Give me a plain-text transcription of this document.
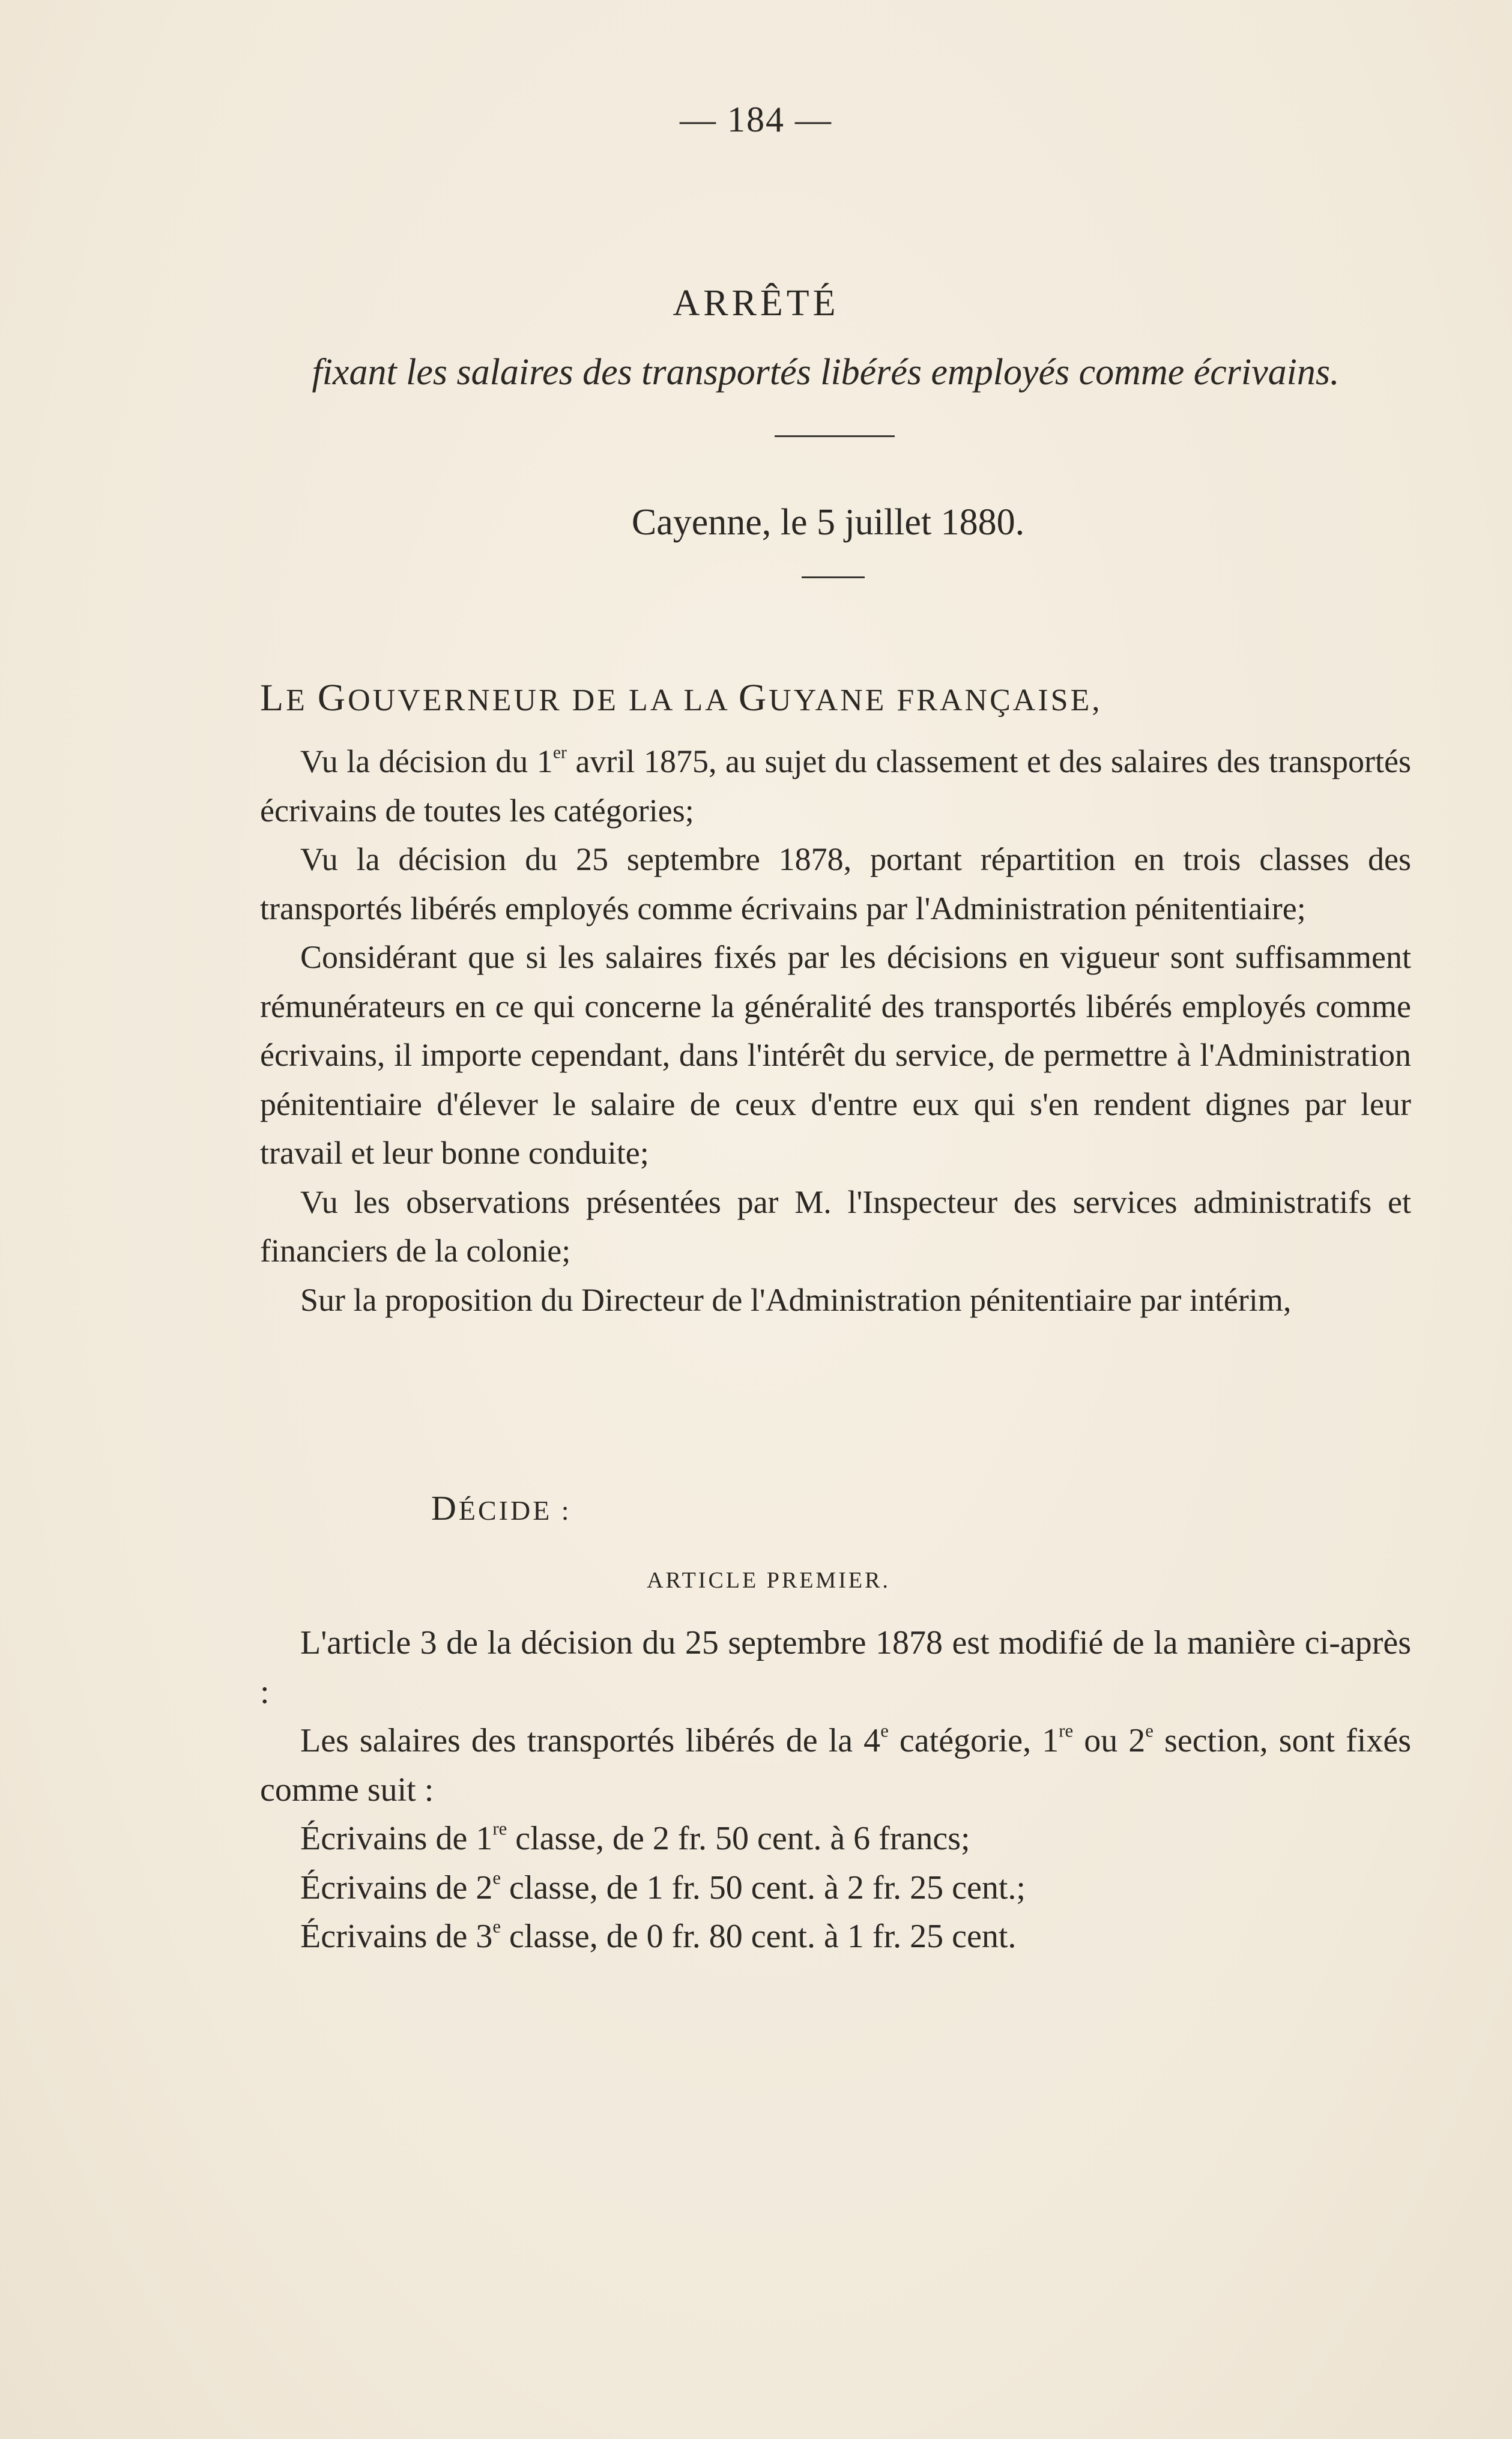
— 184 —
ARRÊTÉ
fixant les salaires des transportés libérés employés comme écrivains.
Cayenne, le 5 juillet 1880.
LE GOUVERNEUR DE LA LA GUYANE FRANÇAISE,

Vu la décision du 1er avril 1875, au sujet du classement et des salaires des transportés écrivains de toutes les catégories;

Vu la décision du 25 septembre 1878, portant répartition en trois classes des transportés libérés employés comme écrivains par l'Administration pénitentiaire;

Considérant que si les salaires fixés par les décisions en vigueur sont suffisamment rémunérateurs en ce qui concerne la généralité des transportés libérés employés comme écrivains, il importe cependant, dans l'intérêt du service, de permettre à l'Administration pénitentiaire d'élever le salaire de ceux d'entre eux qui s'en rendent dignes par leur travail et leur bonne conduite;

Vu les observations présentées par M. l'Inspecteur des services administratifs et financiers de la colonie;

Sur la proposition du Directeur de l'Administration pénitentiaire par intérim,

DÉCIDE :
ARTICLE PREMIER.

L'article 3 de la décision du 25 septembre 1878 est modifié de la manière ci-après :

Les salaires des transportés libérés de la 4e catégorie, 1re ou 2e section, sont fixés comme suit :

Écrivains de 1re classe, de 2 fr. 50 cent. à 6 francs;

Écrivains de 2e classe, de 1 fr. 50 cent. à 2 fr. 25 cent.;

Écrivains de 3e classe, de 0 fr. 80 cent. à 1 fr. 25 cent.
